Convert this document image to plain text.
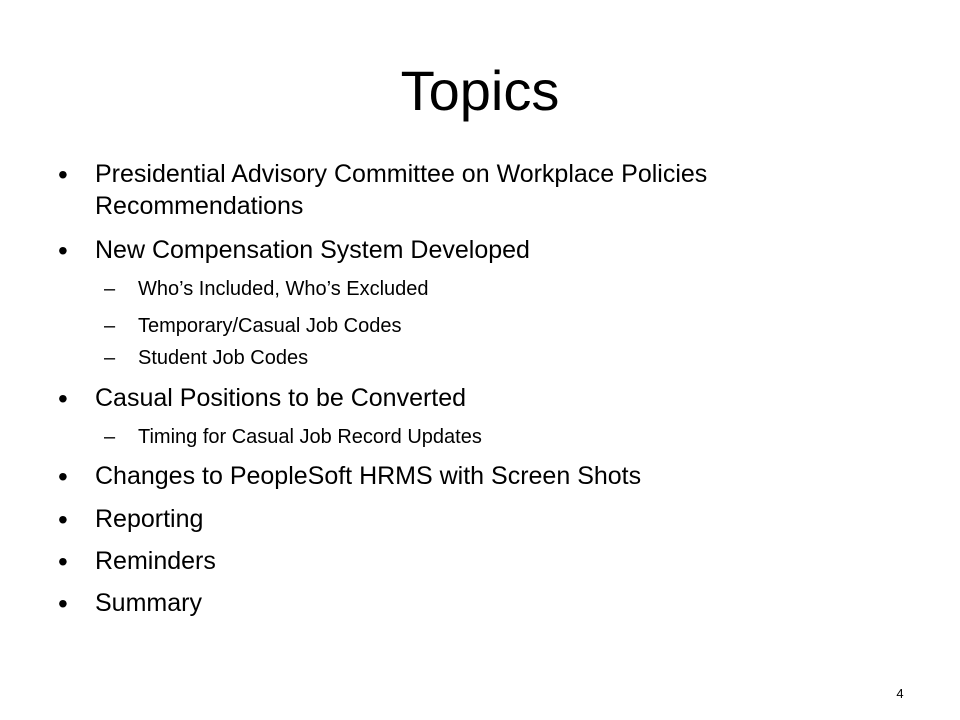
Topics
• Presidential Advisory Committee on Workplace Policies Recommendations
• New Compensation System Developed
– Who’s Included, Who’s Excluded
– Temporary/Casual Job Codes
– Student Job Codes
• Casual Positions to be Converted
– Timing for Casual Job Record Updates
• Changes to PeopleSoft HRMS with Screen Shots
• Reporting
• Reminders
• Summary
4
